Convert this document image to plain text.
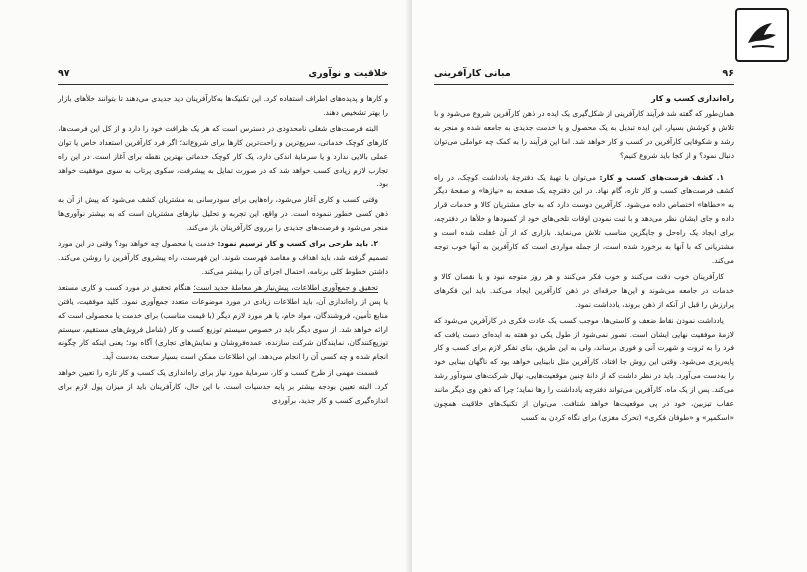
۹۷	خلاقیت و نوآوری

و کارها و پدیده‌های اطراف استفاده کرد. این تکنیک‌ها به‌کارآفرینان دید جدیدی می‌دهند تا بتوانند خلأهای بازار را بهتر تشخیص دهند.

البته فرصت‌های شغلی نامحدودی در دسترس است که هر یک ظرافت خود را دارد و از کل این فرصت‌ها، کارهای کوچک خدماتی، سریع‌ترین و راحت‌ترین کارها برای شروع‌اند؛ اگر فرد کارآفرین استعداد خاص یا توان عملی بالایی ندارد و یا سرمایهٔ اندکی دارد، یک کار کوچک خدماتی بهترین نقطه برای آغاز است. در این راه تجارب لازم زیادی کسب خواهد شد که در صورت تمایل به پیشرفت، سکوی پرتاب به سوی موفقیت خواهد بود.

وقتی کسب و کاری آغاز می‌شود، راه‌هایی برای سودرسانی به مشتریان کشف می‌شود که پیش از آن به ذهن کسی خطور ننموده است. در واقع، این تجربه و تحلیل نیازهای مشتریان است که به بیشتر نوآوری‌ها منجر می‌شود و فرصت‌های جدیدی را برروی کارآفرینان باز می‌کند.

۲. باید طرحی برای کسب و کار ترسیم نمود: خدمت یا محصول چه خواهد بود؟ وقتی در این مورد تصمیم گرفته شد، باید اهداف و مقاصد فهرست شوند. این فهرست، راه پیشروی کارآفرین را روشن می‌کند. داشتن خطوط کلی برنامه، احتمال اجرای آن را بیشتر می‌کند.

تحقیق و جمع‌آوری اطلاعات، پیش‌نیاز هر معاملهٔ جدید است؛ هنگام تحقیق در مورد کسب و کاری مستعد یا پس از راه‌اندازی آن، باید اطلاعات زیادی در مورد موضوعات متعدد جمع‌آوری نمود. کلید موفقیت، یافتن منابع تأمین، فروشندگان، مواد خام، یا هر مورد لازم دیگر (با قیمت مناسب) برای خدمت یا محصولی است که ارائه خواهد شد. از سوی دیگر باید در خصوص سیستم توزیع کسب و کار (شامل فروش‌های مستقیم، سیستم توزیع‌کنندگان، نمایندگان شرکت سازنده، عمده‌فروشان و نمایش‌های تجاری) آگاه بود؛ یعنی اینکه کار چگونه انجام شده و چه کسی آن را انجام می‌دهد. این اطلاعات ممکن است بسیار سخت به‌دست آید.

قسمت مهمی از طرح کسب و کار، سرمایهٔ مورد نیاز برای راه‌اندازی یک کسب و کار تازه را تعیین خواهد کرد. البته تعیین بودجه بیشتر بر پایه حدسیات است. با این حال، کارآفرینان باید از میزان پول لازم برای اندازه‌گیری کسب و کار جدید، برآوردی

مبانی کارآفرینی	۹۶
راه‌اندازی کسب و کار

همان‌طور که گفته شد فرآیند کارآفرینی از شکل‌گیری یک ایده در ذهن کارآفرین شروع می‌شود و با تلاش و کوشش بسیار، این ایده تبدیل به یک محصول و یا خدمت جدیدی به جامعه شده و منجر به رشد و شکوفایی کارآفرین در کسب و کار خواهد شد. اما این فرآیند را به کمک چه عواملی می‌توان دنبال نمود؟ و از کجا باید شروع کنیم؟

۱. کشف فرصت‌های کسب و کار: می‌توان با تهیهٔ یک دفترچهٔ یادداشت کوچک، در راه کشف فرصت‌های کسب و کار تازه، گام نهاد. در این دفترچه یک صفحه به «نیازها» و صفحهٔ دیگر به «خطاها» اختصاص داده می‌شود. کارآفرین دوست دارد که به جای مشتریان کالا و خدمات قرار داده و جای ایشان نظر می‌دهد و با ثبت نمودن اوقات تلخی‌های خود از کمبودها و خلأها در دفترچه، برای ایجاد یک راه‌حل و جایگزین مناسب تلاش می‌نماید. بازاری که از آن غفلت شده است و مشتریانی که با آنها به برخورد شده است، از جمله مواردی است که کارآفرین به آنها خوب توجه می‌کند.

کارآفرینان خوب دقت می‌کنند و خوب فکر می‌کنند و هر روز متوجه نبود و یا نقصان کالا و خدمات در جامعه می‌شوند و این‌ها جرقه‌ای در ذهن کارآفرین ایجاد می‌کند. باید این فکرهای پرارزش را قبل از آنکه از ذهن بروند، یادداشت نمود.

یادداشت نمودن نقاط ضعف و کاستی‌ها، موجب کسب یک عادت فکری در کارآفرین می‌شود که لازمهٔ موفقیت نهایی ایشان است. تصور نمی‌شود از طول یکی دو هفته به ایده‌ای دست یافت که فرد را به ثروت و شهرت آنی و فوری برساند، ولی به این طریق، بنای تفکر لازم برای کسب و کار پایه‌ریزی می‌شود. وقتی این روش جا افتاد، کارآفرین مثل نابینایی خواهد بود که ناگهان بینایی خود را به‌دست می‌آورد. باید در نظر داشت که از دانهٔ چنین موقعیت‌هایی، نهال شرکت‌های سودآور رشد می‌کند. پس از یک ماه، کارآفرین می‌تواند دفترچه یادداشت را رها نماید؛ چرا که ذهن وی دیگر مانند عقاب تیزبین، خود در پی موقعیت‌ها خواهد شتافت. می‌توان از تکنیک‌های خلاقیت همچون «اسکمپر» و «طوفان فکری» (تحرک مغزی) برای نگاه کردن به کسب
